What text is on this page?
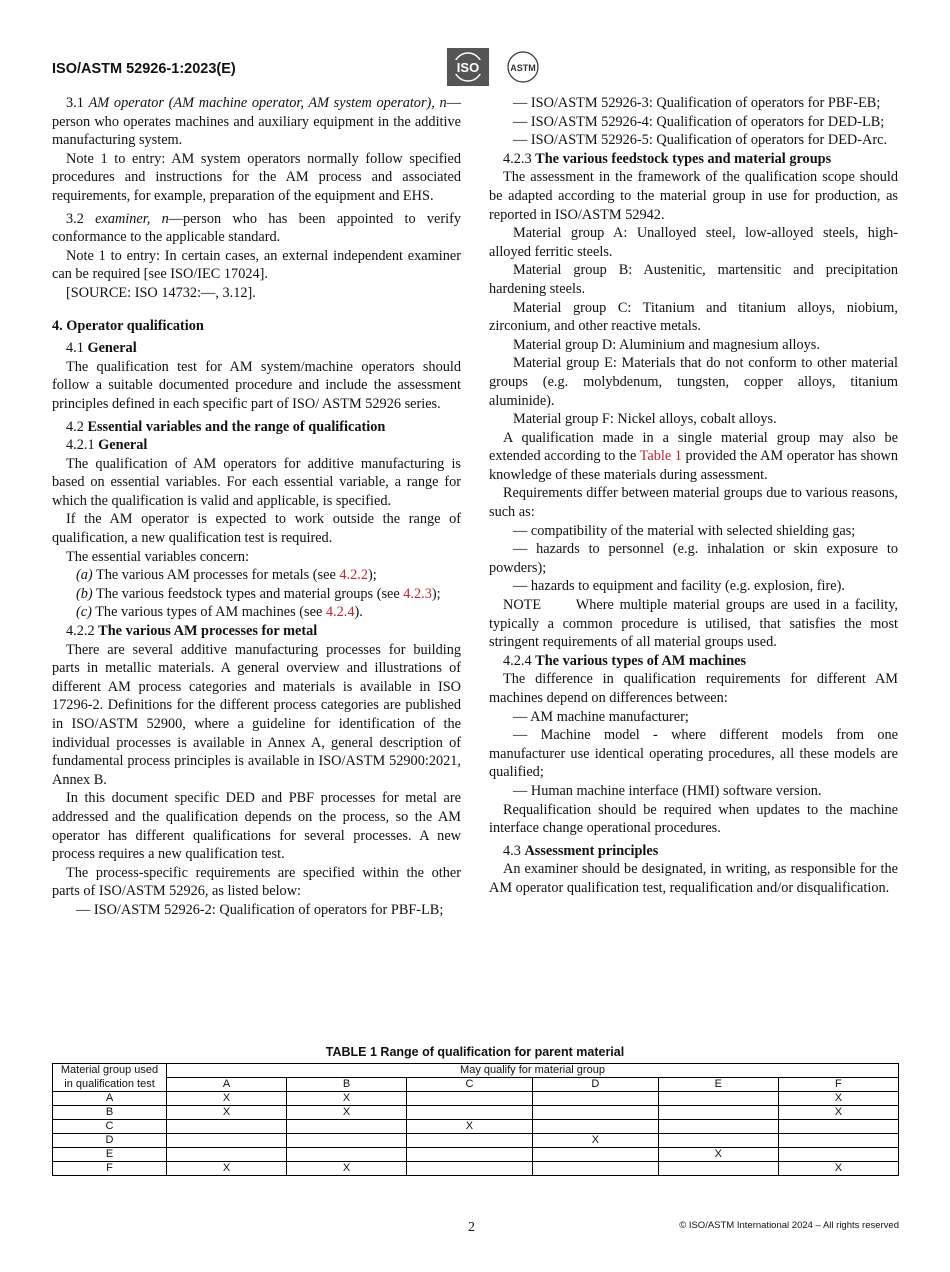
ISO/ASTM 52926-1:2023(E)	ISO	ASTM

3.1 AM operator (AM machine operator, AM system operator), n—person who operates machines and auxiliary equipment in the additive manufacturing system.

Note 1 to entry: AM system operators normally follow specified procedures and instructions for the AM process and associated requirements, for example, preparation of the equipment and EHS.

3.2 examiner, n—person who has been appointed to verify conformance to the applicable standard.

Note 1 to entry: In certain cases, an external independent examiner can be required [see ISO/IEC 17024].

[SOURCE: ISO 14732:—, 3.12].

4. Operator qualification

4.1 General

The qualification test for AM system/machine operators should follow a suitable documented procedure and include the assessment principles defined in each specific part of ISO/ ASTM 52926 series.

4.2 Essential variables and the range of qualification

4.2.1 General

The qualification of AM operators for additive manufacturing is based on essential variables. For each essential variable, a range for which the qualification is valid and applicable, is specified.

If the AM operator is expected to work outside the range of qualification, a new qualification test is required.

The essential variables concern:

(a) The various AM processes for metals (see 4.2.2);

(b) The various feedstock types and material groups (see 4.2.3);

(c) The various types of AM machines (see 4.2.4).

4.2.2 The various AM processes for metal

There are several additive manufacturing processes for building parts in metallic materials. A general overview and illustrations of different AM process categories and materials is available in ISO 17296-2. Definitions for the different process categories are published in ISO/ASTM 52900, where a guideline for identification of the individual processes is available in Annex A, general description of fundamental process principles is available in ISO/ASTM 52900:2021, Annex B.

In this document specific DED and PBF processes for metal are addressed and the qualification depends on the process, so the AM operator has different qualifications for several processes. A new process requires a new qualification test.

The process-specific requirements are specified within the other parts of ISO/ASTM 52926, as listed below:

— ISO/ASTM 52926-2: Qualification of operators for PBF-LB;

— ISO/ASTM 52926-3: Qualification of operators for PBF-EB;

— ISO/ASTM 52926-4: Qualification of operators for DED-LB;

— ISO/ASTM 52926-5: Qualification of operators for DED-Arc.

4.2.3 The various feedstock types and material groups

The assessment in the framework of the qualification scope should be adapted according to the material group in use for production, as reported in ISO/ASTM 52942.

Material group A: Unalloyed steel, low-alloyed steels, high-alloyed ferritic steels.

Material group B: Austenitic, martensitic and precipitation hardening steels.

Material group C: Titanium and titanium alloys, niobium, zirconium, and other reactive metals.

Material group D: Aluminium and magnesium alloys.

Material group E: Materials that do not conform to other material groups (e.g. molybdenum, tungsten, copper alloys, titanium aluminide).

Material group F: Nickel alloys, cobalt alloys.

A qualification made in a single material group may also be extended according to the Table 1 provided the AM operator has shown knowledge of these materials during assessment.

Requirements differ between material groups due to various reasons, such as:

— compatibility of the material with selected shielding gas;

— hazards to personnel (e.g. inhalation or skin exposure to powders);

— hazards to equipment and facility (e.g. explosion, fire).

NOTE Where multiple material groups are used in a facility, typically a common procedure is utilised, that satisfies the most stringent requirements of all material groups used.

4.2.4 The various types of AM machines

The difference in qualification requirements for different AM machines depend on differences between:

— AM machine manufacturer;

— Machine model - where different models from one manufacturer use identical operating procedures, all these models are qualified;

— Human machine interface (HMI) software version.

Requalification should be required when updates to the machine interface change operational procedures.

4.3 Assessment principles

An examiner should be designated, in writing, as responsible for the AM operator qualification test, requalification and/or disqualification.

TABLE 1 Range of qualification for parent material
Material group used	May qualify for material group					
in qualification test	A	B	C	D	E	F
A	X	X				X
B	X	X				X
C			X			
D				X		
E					X	
F	X	X				X
2	© ISO/ASTM International 2024 – All rights reserved
